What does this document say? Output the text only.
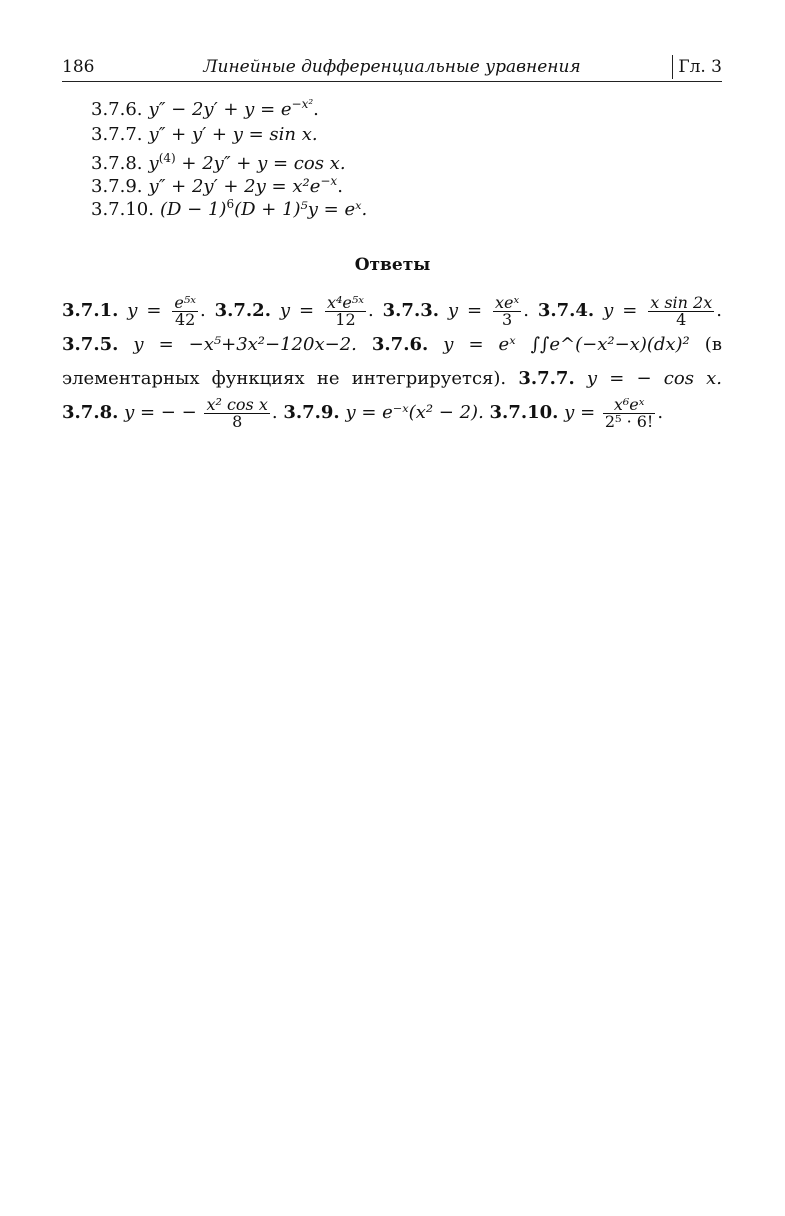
186	Линейные дифференциальные уравнения	Гл. 3
3.7.6. $y'' - 2y' + y = e^{-x^2}$.
3.7.7. y″ + y′ + y = sin x.
3.7.8. $y^{(4)} + 2y'' + y = \cos x$.
3.7.9. $y'' + 2y' + 2y = x^2e^{-x}$.
3.7.10. $(D - 1)^6(D + 1)^5y$ = eˣ.
Ответы
3.7.1. $y = \frac{\text{e⁵ˣ}}{42}$ . 3.7.2. $y = \frac{\text{x⁴e⁵ˣ}}{12}$ . 3.7.3. $y = \frac{\text{xeˣ}}{3}$ . 3.7.4. $y = \frac{\text{x sin 2x}}{4}$ . 3.7.5. y = −x⁵+3x²−120x−2. 3.7.6. y = eˣ ∫∫e^(−x²−x)(dx)² (в элементарных функциях не интегрируется). 3.7.7. y = − cos x. 3.7.8. y = − − $\frac{\text{x² cos x}}{8}$ . 3.7.9. y = e⁻ˣ(x² − 2). 3.7.10. $y = \frac{\text{x⁶eˣ}}{\text{2⁵ · 6!}}$ .
